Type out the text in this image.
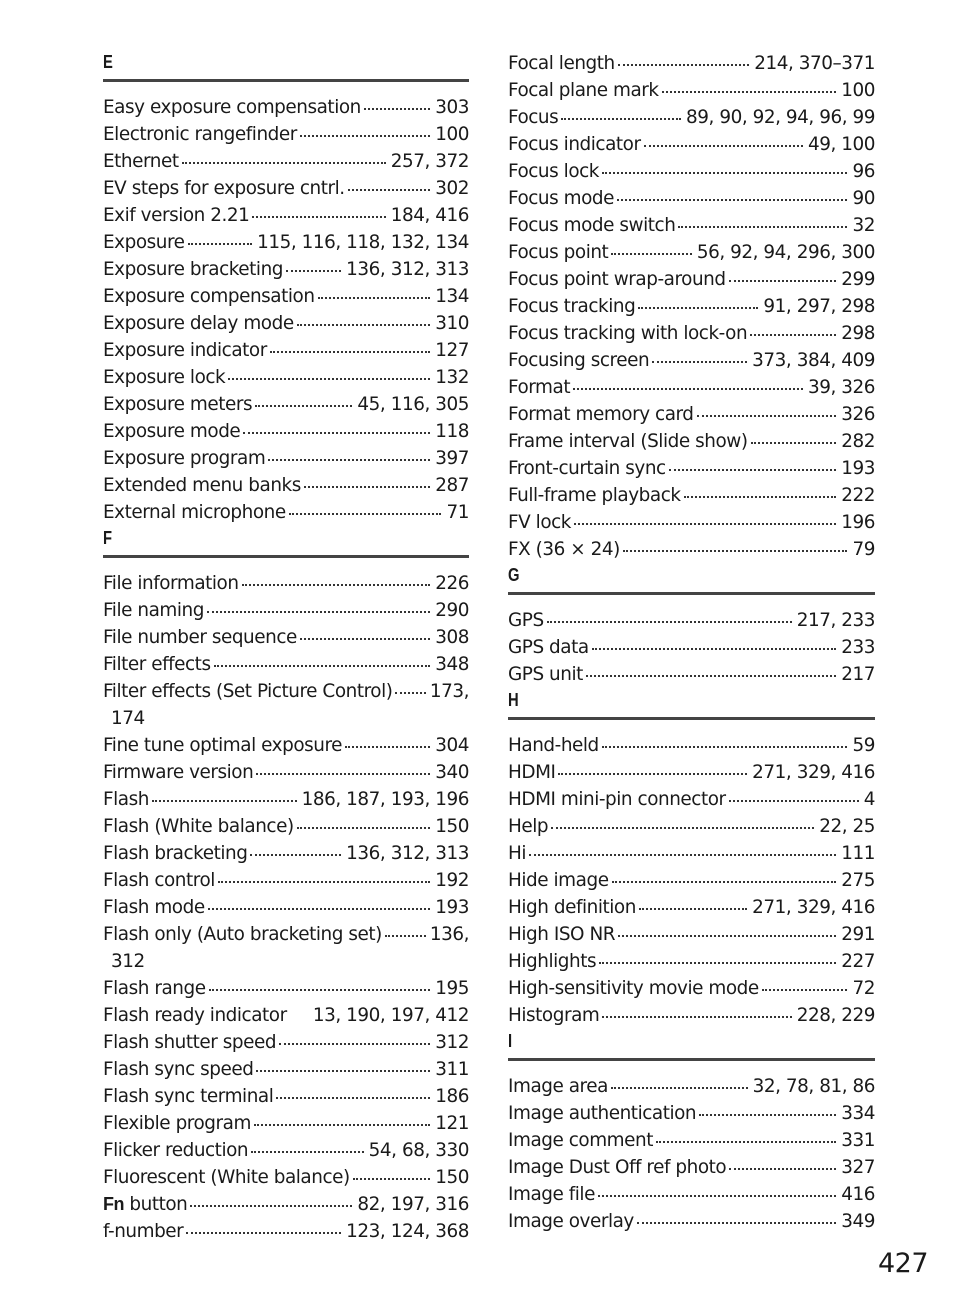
E
Easy exposure compensation	303
Electronic rangefinder	100
Ethernet	257, 372
EV steps for exposure cntrl.	302
Exif version 2.21	184, 416
Exposure	115, 116, 118, 132, 134
Exposure bracketing	136, 312, 313
Exposure compensation	134
Exposure delay mode	310
Exposure indicator	127
Exposure lock	132
Exposure meters	45, 116, 305
Exposure mode	118
Exposure program	397
Extended menu banks	287
External microphone	71
F
File information	226
File naming	290
File number sequence	308
Filter effects	348
Filter effects (Set Picture Control) 173,
174
Fine tune optimal exposure	304
Firmware version	340
Flash	186, 187, 193, 196
Flash (White balance)	150
Flash bracketing	136, 312, 313
Flash control	192
Flash mode	193
Flash only (Auto bracketing set)	136,
312
Flash range	195
Flash ready indicator 13, 190, 197, 412
Flash shutter speed	312
Flash sync speed	311
Flash sync terminal	186
Flexible program	121
Flicker reduction	54, 68, 330
Fluorescent (White balance)	150
Fn button	82, 197, 316
f-number	123, 124, 368
Focal length	214, 370–371
Focal plane mark	100
Focus	89, 90, 92, 94, 96, 99
Focus indicator	49, 100
Focus lock	96
Focus mode	90
Focus mode switch	32
Focus point	56, 92, 94, 296, 300
Focus point wrap-around	299
Focus tracking	91, 297, 298
Focus tracking with lock-on	298
Focusing screen	373, 384, 409
Format	39, 326
Format memory card	326
Frame interval (Slide show)	282
Front-curtain sync	193
Full-frame playback	222
FV lock	196
FX (36 × 24)	79
G
GPS	217, 233
GPS data	233
GPS unit	217
H
Hand-held	59
HDMI	271, 329, 416
HDMI mini-pin connector	4
Help	22, 25
Hi	111
Hide image	275
High definition	271, 329, 416
High ISO NR	291
Highlights	227
High-sensitivity movie mode	72
Histogram	228, 229
I
Image area	32, 78, 81, 86
Image authentication	334
Image comment	331
Image Dust Off ref photo	327
Image file	416
Image overlay	349
427
